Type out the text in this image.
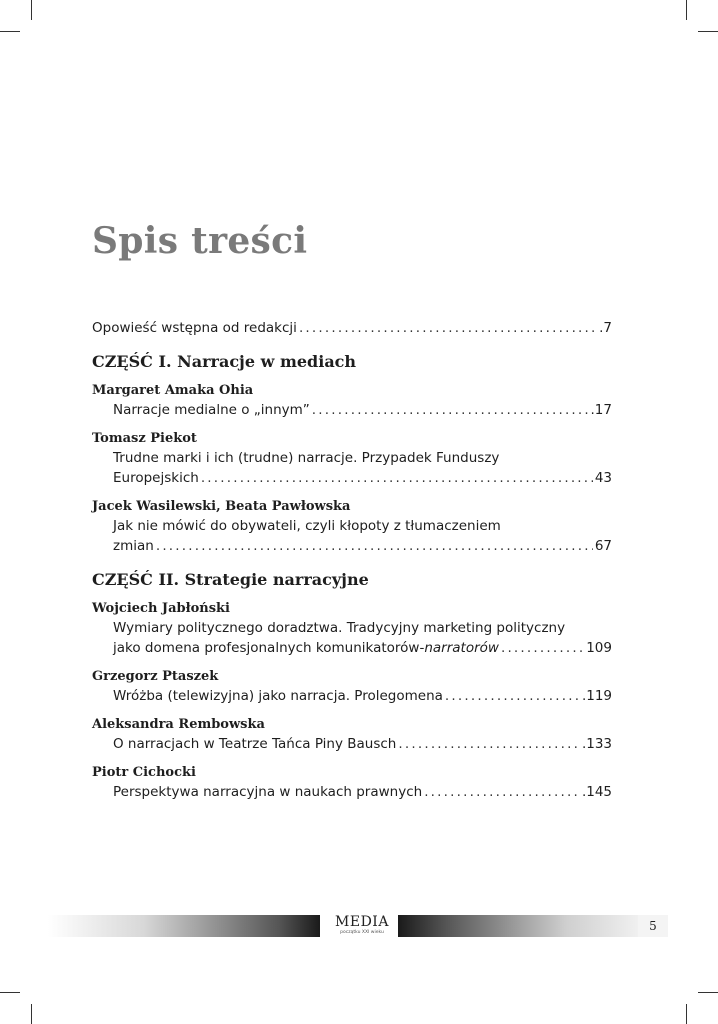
Spis treści
Opowieść wstępna od redakcji .....	.7
CZĘŚĆ I. Narracje w mediach
Margaret Amaka Ohia
Narracje medialne o „innym” .....	.17
Tomasz Piekot
Trudne marki i ich (trudne) narracje. Przypadek Funduszy
Europejskich .....	43
Jacek Wasilewski, Beata Pawłowska
Jak nie mówić do obywateli, czyli kłopoty z tłumaczeniem
zmian .....	67
CZĘŚĆ II. Strategie narracyjne
Wojciech Jabłoński
Wymiary politycznego doradztwa. Tradycyjny marketing polityczny
jako domena profesjonalnych komunikatorów-narratorów .....	109
Grzegorz Ptaszek
Wróżba (telewizyjna) jako narracja. Prolegomena .....	.119
Aleksandra Rembowska
O narracjach w Teatrze Tańca Piny Bausch .....	.133
Piotr Cichocki
Perspektywa narracyjna w naukach prawnych .....	.145
MEDIA
początku XXI wieku	5
